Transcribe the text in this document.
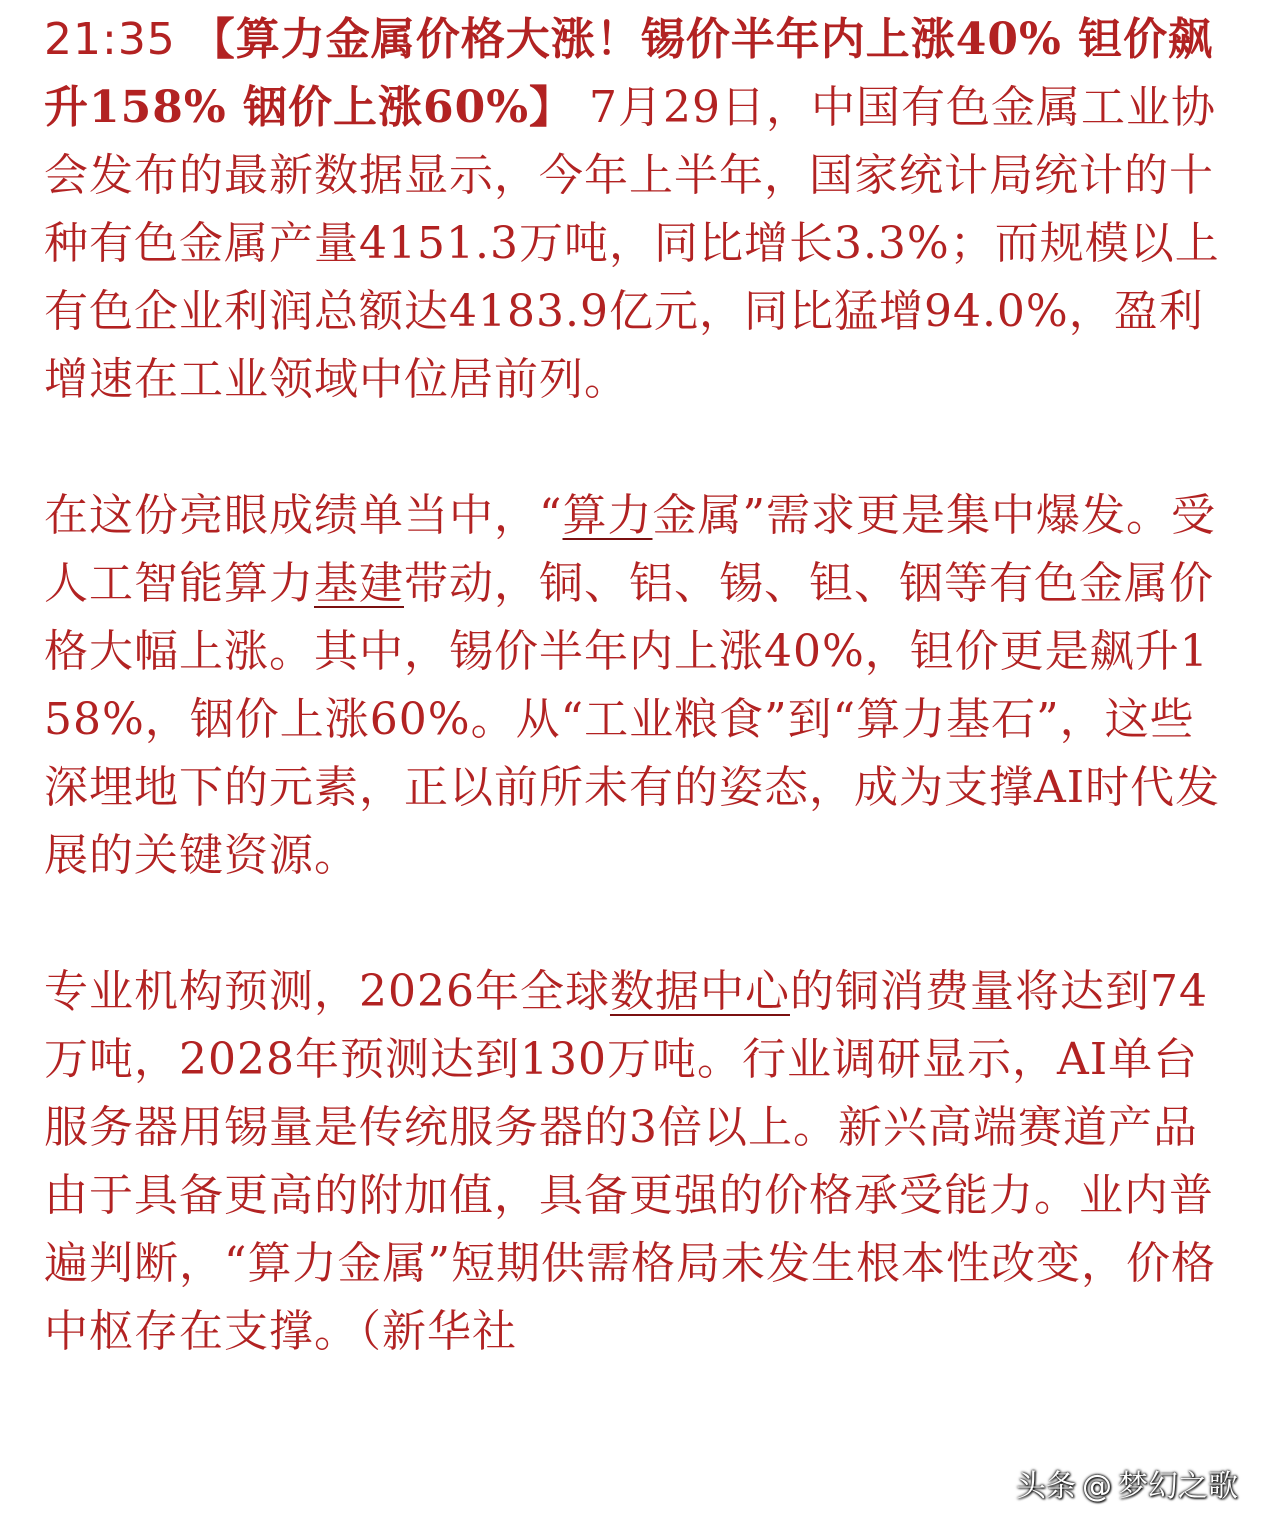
21:35 【算力金属价格大涨！锡价半年内上涨40% 钽价飙升158% 铟价上涨60%】 7月29日，中国有色金属工业协会发布的最新数据显示，今年上半年，国家统计局统计的十种有色金属产量4151.3万吨，同比增长3.3%；而规模以上有色企业利润总额达4183.9亿元，同比猛增94.0%，盈利增速在工业领域中位居前列。

在这份亮眼成绩单当中，“算力金属”需求更是集中爆发。受人工智能算力基建带动，铜、铝、锡、钽、铟等有色金属价格大幅上涨。其中，锡价半年内上涨40%，钽价更是飙升158%，铟价上涨60%。从“工业粮食”到“算力基石”，这些深埋地下的元素，正以前所未有的姿态，成为支撑AI时代发展的关键资源。

专业机构预测，2026年全球数据中心的铜消费量将达到74万吨，2028年预测达到130万吨。行业调研显示，AI单台服务器用锡量是传统服务器的3倍以上。新兴高端赛道产品由于具备更高的附加值，具备更强的价格承受能力。业内普遍判断，“算力金属”短期供需格局未发生根本性改变，价格中枢存在支撑。（新华社

头条 @ 梦幻之歌
